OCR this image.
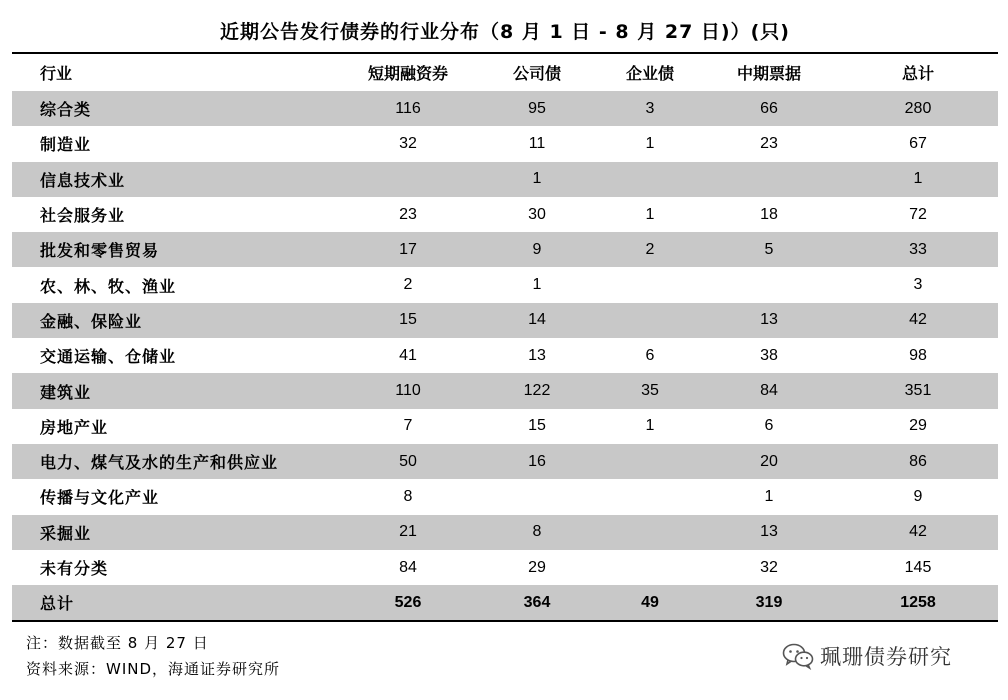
近期公告发行债券的行业分布（8 月 1 日 - 8 月 27 日)）(只)
行业	短期融资券	公司债	企业债	中期票据	总计
综合类	116	95	3	66	280
制造业	32	11	1	23	67
信息技术业		1			1
社会服务业	23	30	1	18	72
批发和零售贸易	17	9	2	5	33
农、林、牧、渔业	2	1			3
金融、保险业	15	14		13	42
交通运输、仓储业	41	13	6	38	98
建筑业	110	122	35	84	351
房地产业	7	15	1	6	29
电力、煤气及水的生产和供应业	50	16		20	86
传播与文化产业	8			1	9
采掘业	21	8		13	42
未有分类	84	29		32	145
总计	526	364	49	319	1258
注：数据截至 8 月 27 日
资料来源：WIND，海通证券研究所
珮珊债券研究
